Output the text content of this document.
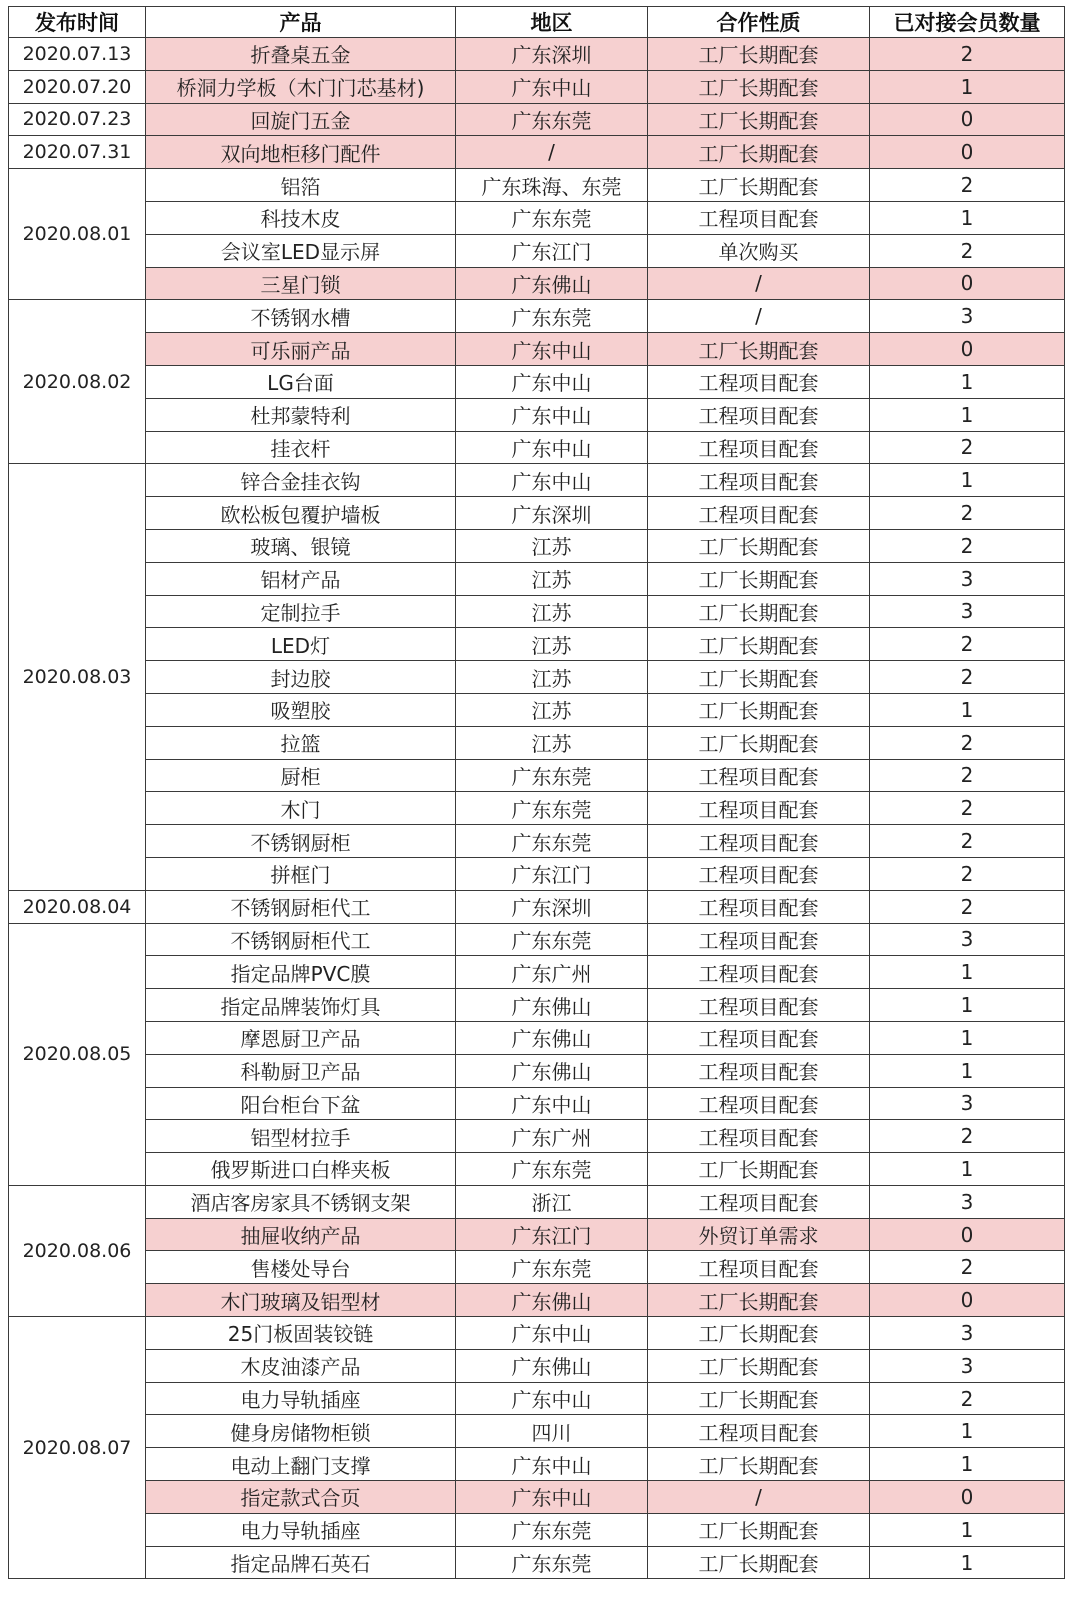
发布时间	产品	地区	合作性质	已对接会员数量
2020.07.13	折叠桌五金	广东深圳	工厂长期配套	2
2020.07.20	桥洞力学板（木门门芯基材)	广东中山	工厂长期配套	1
2020.07.23	回旋门五金	广东东莞	工厂长期配套	0
2020.07.31	双向地柜移门配件	/	工厂长期配套	0
2020.08.01	铝箔	广东珠海、东莞	工厂长期配套	2
	科技木皮	广东东莞	工程项目配套	1
	会议室LED显示屏	广东江门	单次购买	2
	三星门锁	广东佛山	/	0
2020.08.02	不锈钢水槽	广东东莞	/	3
	可乐丽产品	广东中山	工厂长期配套	0
	LG台面	广东中山	工程项目配套	1
	杜邦蒙特利	广东中山	工程项目配套	1
	挂衣杆	广东中山	工程项目配套	2
2020.08.03	锌合金挂衣钩	广东中山	工程项目配套	1
	欧松板包覆护墙板	广东深圳	工程项目配套	2
	玻璃、银镜	江苏	工厂长期配套	2
	铝材产品	江苏	工厂长期配套	3
	定制拉手	江苏	工厂长期配套	3
	LED灯	江苏	工厂长期配套	2
	封边胶	江苏	工厂长期配套	2
	吸塑胶	江苏	工厂长期配套	1
	拉篮	江苏	工厂长期配套	2
	厨柜	广东东莞	工程项目配套	2
	木门	广东东莞	工程项目配套	2
	不锈钢厨柜	广东东莞	工程项目配套	2
	拼框门	广东江门	工程项目配套	2
2020.08.04	不锈钢厨柜代工	广东深圳	工程项目配套	2
2020.08.05	不锈钢厨柜代工	广东东莞	工程项目配套	3
	指定品牌PVC膜	广东广州	工程项目配套	1
	指定品牌装饰灯具	广东佛山	工程项目配套	1
	摩恩厨卫产品	广东佛山	工程项目配套	1
	科勒厨卫产品	广东佛山	工程项目配套	1
	阳台柜台下盆	广东中山	工程项目配套	3
	铝型材拉手	广东广州	工程项目配套	2
	俄罗斯进口白桦夹板	广东东莞	工厂长期配套	1
2020.08.06	酒店客房家具不锈钢支架	浙江	工程项目配套	3
	抽屉收纳产品	广东江门	外贸订单需求	0
	售楼处导台	广东东莞	工程项目配套	2
	木门玻璃及铝型材	广东佛山	工厂长期配套	0
2020.08.07	25门板固装铰链	广东中山	工厂长期配套	3
	木皮油漆产品	广东佛山	工厂长期配套	3
	电力导轨插座	广东中山	工厂长期配套	2
	健身房储物柜锁	四川	工程项目配套	1
	电动上翻门支撑	广东中山	工厂长期配套	1
	指定款式合页	广东中山	/	0
	电力导轨插座	广东东莞	工厂长期配套	1
	指定品牌石英石	广东东莞	工厂长期配套	1
